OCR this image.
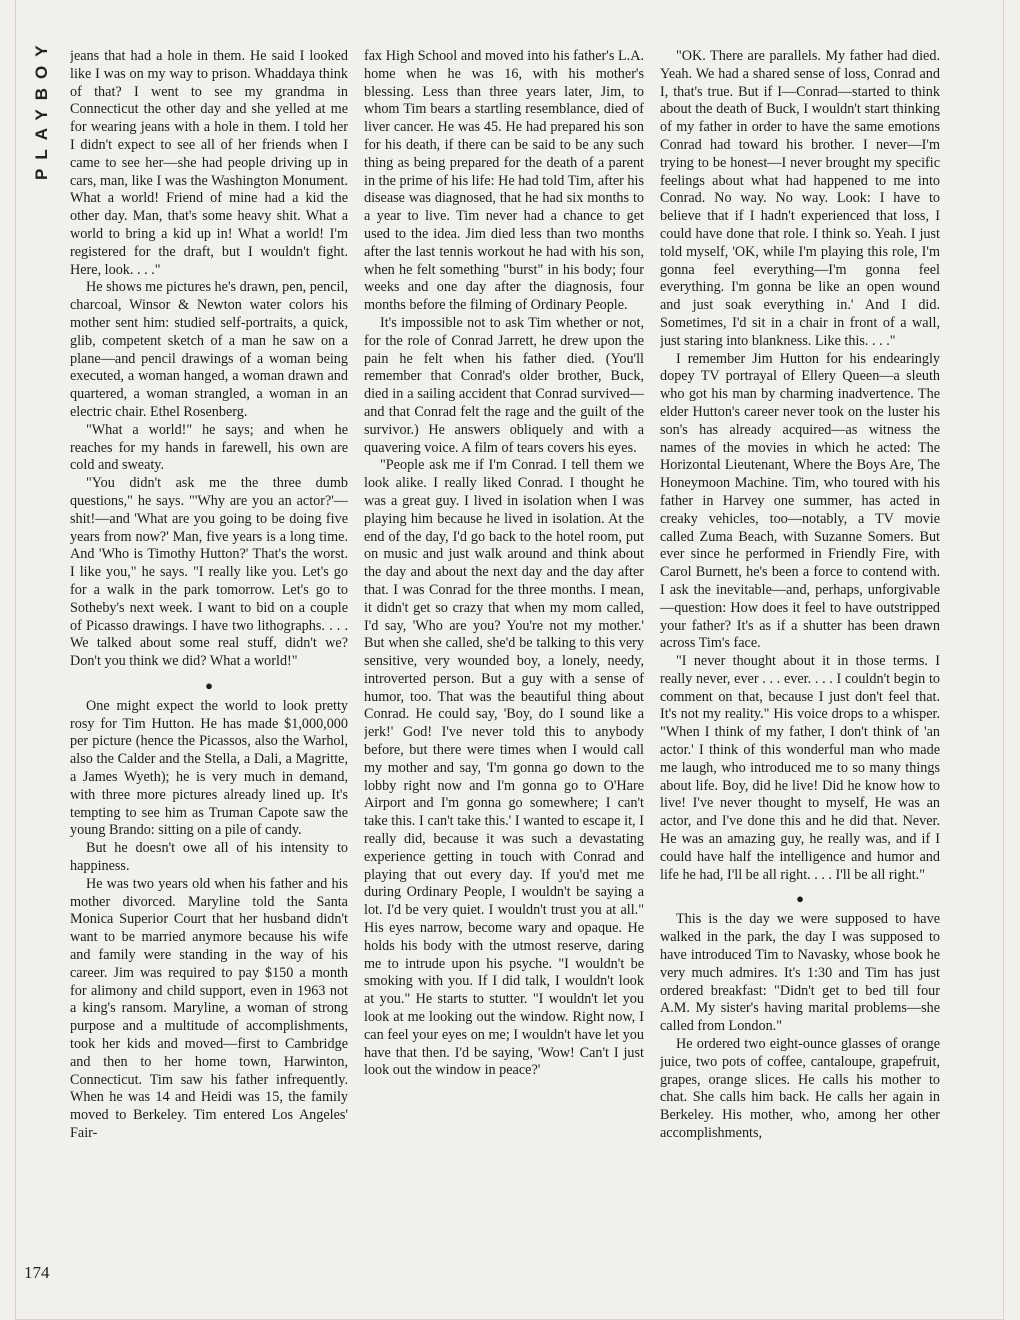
PLAYBOY jeans that had a hole in them. He said I looked like I was on my way to prison. Whaddaya think of that? I went to see my grandma in Connecticut the other day and she yelled at me for wearing jeans with a hole in them. I told her I didn't expect to see all of her friends when I came to see her—she had people driving up in cars, man, like I was the Washington Monument. What a world! Friend of mine had a kid the other day. Man, that's some heavy shit. What a world to bring a kid up in! What a world! I'm registered for the draft, but I wouldn't fight. Here, look. . . ."

He shows me pictures he's drawn, pen, pencil, charcoal, Winsor & Newton water colors his mother sent him: studied self-portraits, a quick, glib, competent sketch of a man he saw on a plane—and pencil drawings of a woman being executed, a woman hanged, a woman drawn and quartered, a woman strangled, a woman in an electric chair. Ethel Rosenberg.

"What a world!" he says; and when he reaches for my hands in farewell, his own are cold and sweaty.

"You didn't ask me the three dumb questions," he says. "'Why are you an actor?'—shit!—and 'What are you going to be doing five years from now?' Man, five years is a long time. And 'Who is Timothy Hutton?' That's the worst. I like you," he says. "I really like you. Let's go for a walk in the park tomorrow. Let's go to Sotheby's next week. I want to bid on a couple of Picasso drawings. I have two lithographs. . . . We talked about some real stuff, didn't we? Don't you think we did? What a world!"

●

One might expect the world to look pretty rosy for Tim Hutton. He has made $1,000,000 per picture (hence the Picassos, also the Warhol, also the Calder and the Stella, a Dali, a Magritte, a James Wyeth); he is very much in demand, with three more pictures already lined up. It's tempting to see him as Truman Capote saw the young Brando: sitting on a pile of candy.

But he doesn't owe all of his intensity to happiness.

He was two years old when his father and his mother divorced. Maryline told the Santa Monica Superior Court that her husband didn't want to be married anymore because his wife and family were standing in the way of his career. Jim was required to pay $150 a month for alimony and child support, even in 1963 not a king's ransom. Maryline, a woman of strong purpose and a multitude of accomplishments, took her kids and moved—first to Cambridge and then to her home town, Harwinton, Connecticut. Tim saw his father infrequently. When he was 14 and Heidi was 15, the family moved to Berkeley. Tim entered Los Angeles' Fair-

fax High School and moved into his father's L.A. home when he was 16, with his mother's blessing. Less than three years later, Jim, to whom Tim bears a startling resemblance, died of liver cancer. He was 45. He had prepared his son for his death, if there can be said to be any such thing as being prepared for the death of a parent in the prime of his life: He had told Tim, after his disease was diagnosed, that he had six months to a year to live. Tim never had a chance to get used to the idea. Jim died less than two months after the last tennis workout he had with his son, when he felt something "burst" in his body; four weeks and one day after the diagnosis, four months before the filming of Ordinary People.

It's impossible not to ask Tim whether or not, for the role of Conrad Jarrett, he drew upon the pain he felt when his father died. (You'll remember that Conrad's older brother, Buck, died in a sailing accident that Conrad survived—and that Conrad felt the rage and the guilt of the survivor.) He answers obliquely and with a quavering voice. A film of tears covers his eyes.

"People ask me if I'm Conrad. I tell them we look alike. I really liked Conrad. I thought he was a great guy. I lived in isolation when I was playing him because he lived in isolation. At the end of the day, I'd go back to the hotel room, put on music and just walk around and think about the day and about the next day and the day after that. I was Conrad for the three months. I mean, it didn't get so crazy that when my mom called, I'd say, 'Who are you? You're not my mother.' But when she called, she'd be talking to this very sensitive, very wounded boy, a lonely, needy, introverted person. But a guy with a sense of humor, too. That was the beautiful thing about Conrad. He could say, 'Boy, do I sound like a jerk!' God! I've never told this to anybody before, but there were times when I would call my mother and say, 'I'm gonna go down to the lobby right now and I'm gonna go to O'Hare Airport and I'm gonna go somewhere; I can't take this. I can't take this.' I wanted to escape it, I really did, because it was such a devastating experience getting in touch with Conrad and playing that out every day. If you'd met me during Ordinary People, I wouldn't be saying a lot. I'd be very quiet. I wouldn't trust you at all." His eyes narrow, become wary and opaque. He holds his body with the utmost reserve, daring me to intrude upon his psyche. "I wouldn't be smoking with you. If I did talk, I wouldn't look at you." He starts to stutter. "I wouldn't let you look at me looking out the window. Right now, I can feel your eyes on me; I wouldn't have let you have that then. I'd be saying, 'Wow! Can't I just look out the window in peace?'

"OK. There are parallels. My father had died. Yeah. We had a shared sense of loss, Conrad and I, that's true. But if I—Conrad—started to think about the death of Buck, I wouldn't start thinking of my father in order to have the same emotions Conrad had toward his brother. I never—I'm trying to be honest—I never brought my specific feelings about what had happened to me into Conrad. No way. No way. Look: I have to believe that if I hadn't experienced that loss, I could have done that role. I think so. Yeah. I just told myself, 'OK, while I'm playing this role, I'm gonna feel everything—I'm gonna feel everything. I'm gonna be like an open wound and just soak everything in.' And I did. Sometimes, I'd sit in a chair in front of a wall, just staring into blankness. Like this. . . ."

I remember Jim Hutton for his endearingly dopey TV portrayal of Ellery Queen—a sleuth who got his man by charming inadvertence. The elder Hutton's career never took on the luster his son's has already acquired—as witness the names of the movies in which he acted: The Horizontal Lieutenant, Where the Boys Are, The Honeymoon Machine. Tim, who toured with his father in Harvey one summer, has acted in creaky vehicles, too—notably, a TV movie called Zuma Beach, with Suzanne Somers. But ever since he performed in Friendly Fire, with Carol Burnett, he's been a force to contend with. I ask the inevitable—and, perhaps, unforgivable—question: How does it feel to have outstripped your father? It's as if a shutter has been drawn across Tim's face.

"I never thought about it in those terms. I really never, ever . . . ever. . . . I couldn't begin to comment on that, because I just don't feel that. It's not my reality." His voice drops to a whisper. "When I think of my father, I don't think of 'an actor.' I think of this wonderful man who made me laugh, who introduced me to so many things about life. Boy, did he live! Did he know how to live! I've never thought to myself, He was an actor, and I've done this and he did that. Never. He was an amazing guy, he really was, and if I could have half the intelligence and humor and life he had, I'll be all right. . . . I'll be all right."

●

This is the day we were supposed to have walked in the park, the day I was supposed to have introduced Tim to Navasky, whose book he very much admires. It's 1:30 and Tim has just ordered breakfast: "Didn't get to bed till four A.M. My sister's having marital problems—she called from London."

He ordered two eight-ounce glasses of orange juice, two pots of coffee, cantaloupe, grapefruit, grapes, orange slices. He calls his mother to chat. She calls him back. He calls her again in Berkeley. His mother, who, among her other accomplishments,

174
